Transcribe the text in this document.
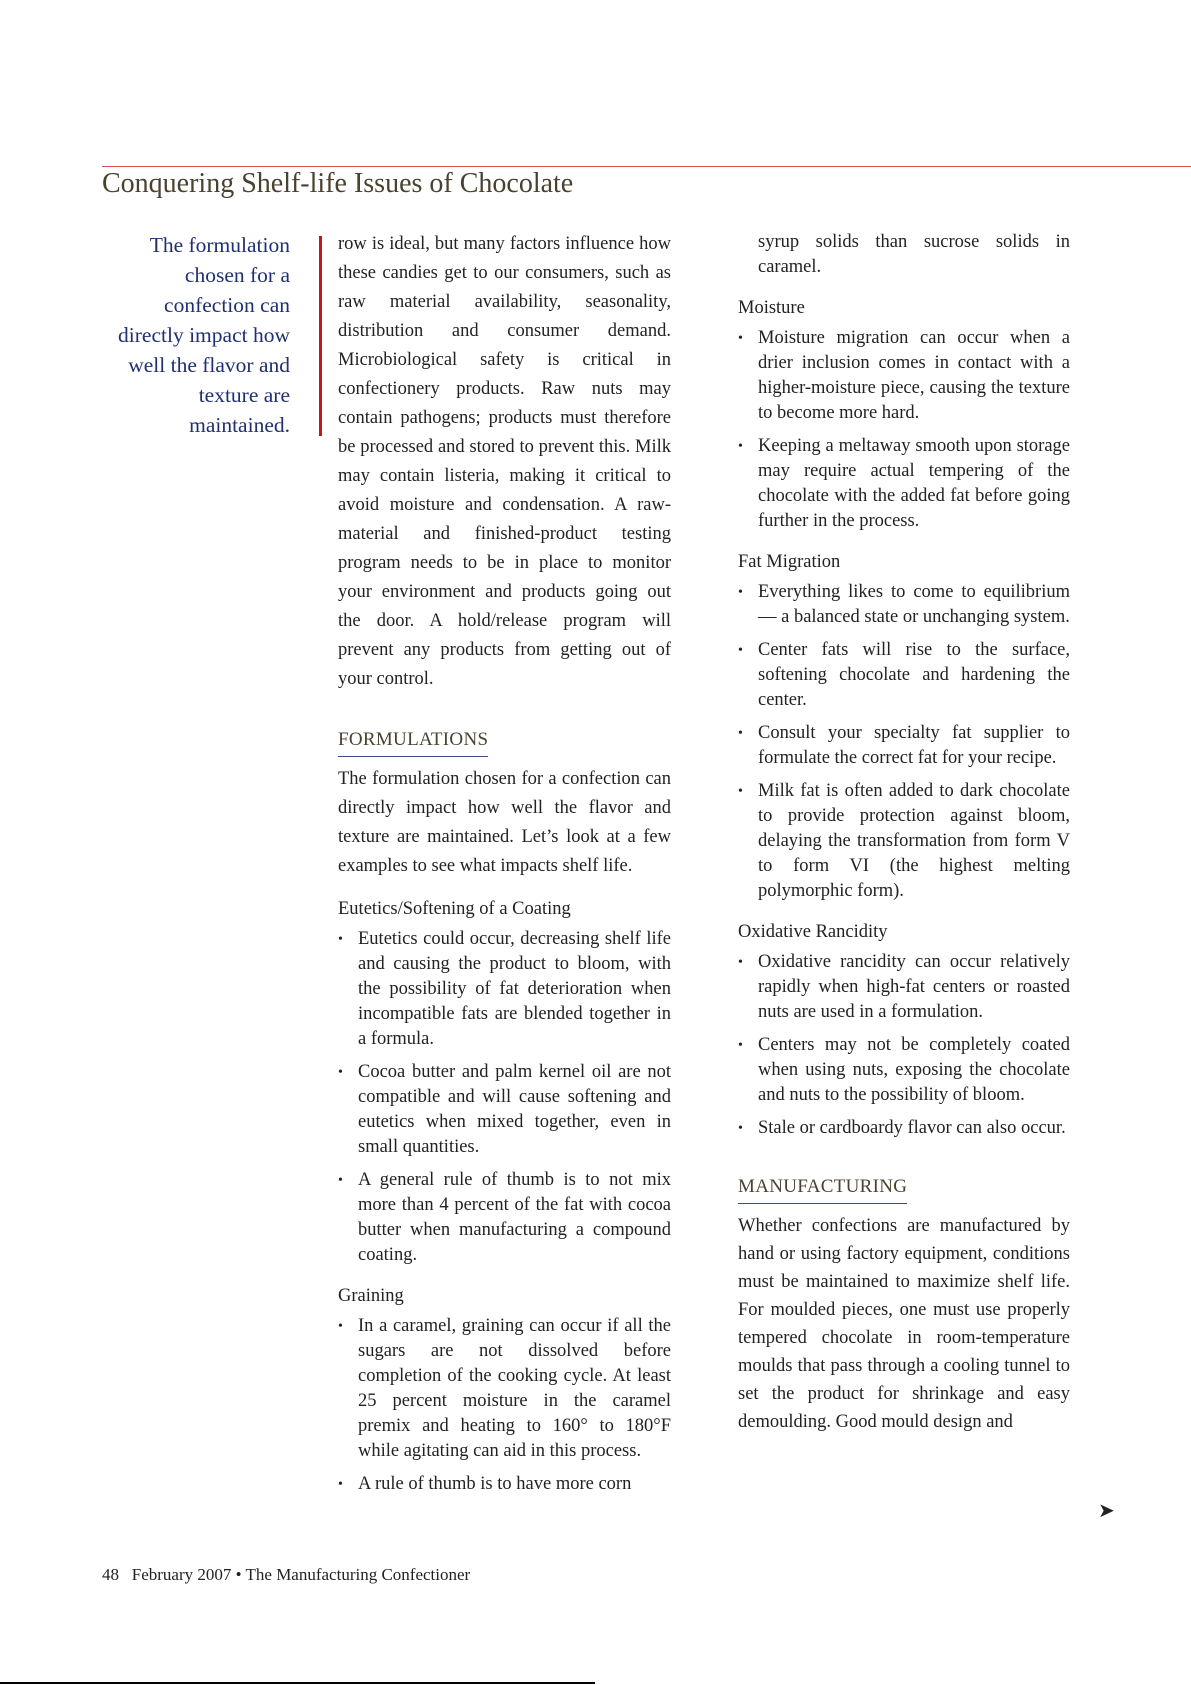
Conquering Shelf-life Issues of Chocolate
The formulation chosen for a confection can directly impact how well the flavor and texture are maintained.

row is ideal, but many factors influence how these candies get to our consumers, such as raw material availability, seasonality, distribution and consumer demand. Microbiological safety is critical in confectionery products. Raw nuts may contain pathogens; products must therefore be processed and stored to prevent this. Milk may contain listeria, making it critical to avoid moisture and condensation. A raw-material and finished-product testing program needs to be in place to monitor your environment and products going out the door. A hold/release program will prevent any products from getting out of your control.

FORMULATIONS

The formulation chosen for a confection can directly impact how well the flavor and texture are maintained. Let’s look at a few examples to see what impacts shelf life.

Eutetics/Softening of a Coating
• Eutetics could occur, decreasing shelf life and causing the product to bloom, with the possibility of fat deterioration when incompatible fats are blended together in a formula.
• Cocoa butter and palm kernel oil are not compatible and will cause softening and eutetics when mixed together, even in small quantities.
• A general rule of thumb is to not mix more than 4 percent of the fat with cocoa butter when manufacturing a compound coating.
Graining
• In a caramel, graining can occur if all the sugars are not dissolved before completion of the cooking cycle. At least 25 percent moisture in the caramel premix and heating to 160° to 180°F while agitating can aid in this process.
• A rule of thumb is to have more corn

syrup solids than sucrose solids in caramel.

Moisture
• Moisture migration can occur when a drier inclusion comes in contact with a higher-moisture piece, causing the texture to become more hard.
• Keeping a meltaway smooth upon storage may require actual tempering of the chocolate with the added fat before going further in the process.
Fat Migration
• Everything likes to come to equilibrium — a balanced state or unchanging system.
• Center fats will rise to the surface, softening chocolate and hardening the center.
• Consult your specialty fat supplier to formulate the correct fat for your recipe.
• Milk fat is often added to dark chocolate to provide protection against bloom, delaying the transformation from form V to form VI (the highest melting polymorphic form).
Oxidative Rancidity
• Oxidative rancidity can occur relatively rapidly when high-fat centers or roasted nuts are used in a formulation.
• Centers may not be completely coated when using nuts, exposing the chocolate and nuts to the possibility of bloom.
• Stale or cardboardy flavor can also occur.
MANUFACTURING

Whether confections are manufactured by hand or using factory equipment, conditions must be maintained to maximize shelf life. For moulded pieces, one must use properly tempered chocolate in room-temperature moulds that pass through a cooling tunnel to set the product for shrinkage and easy demoulding. Good mould design and

➤
48 February 2007 • The Manufacturing Confectioner
